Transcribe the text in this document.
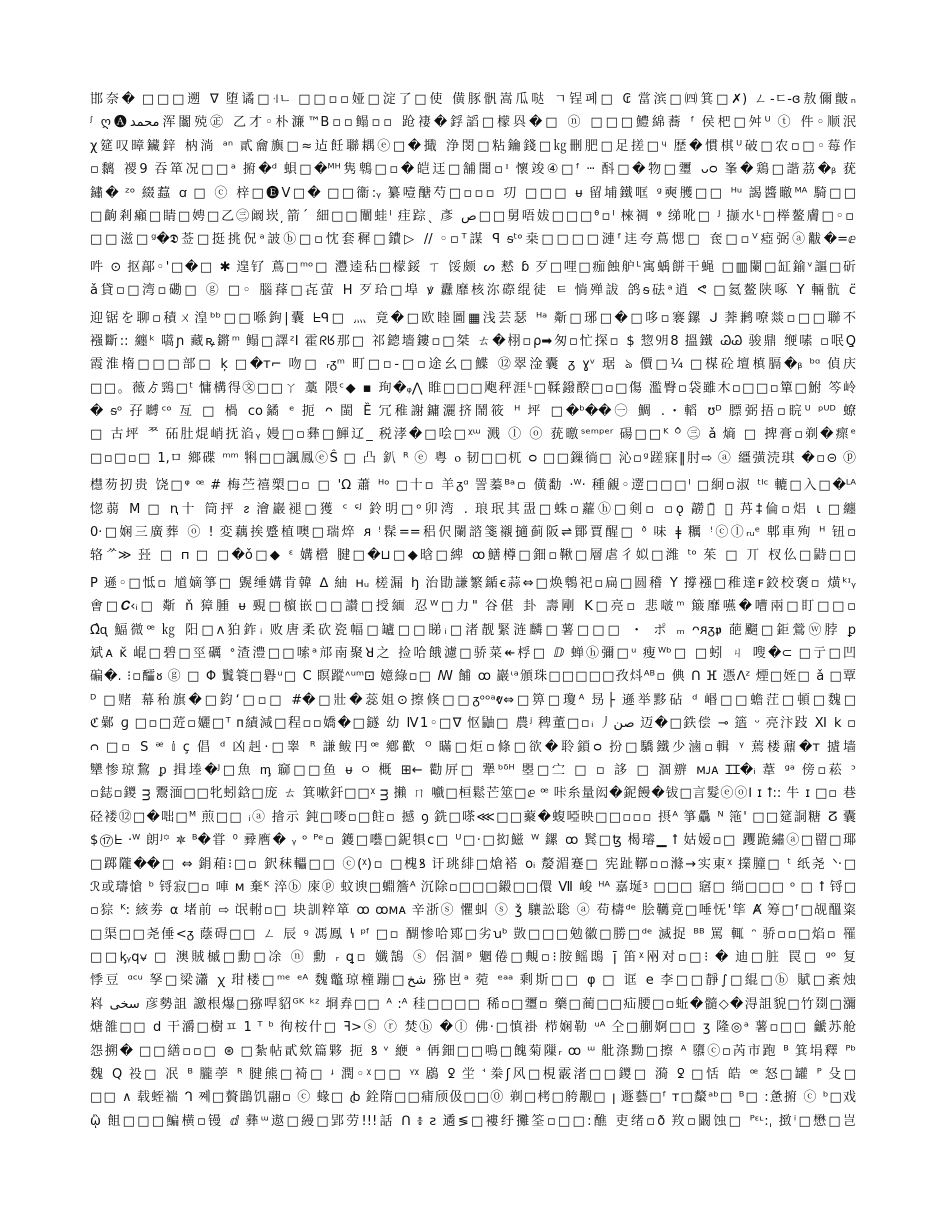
邯奈� □□□遡 ∇ 堕谲□꜊ㄴ □□▫▫娅□淀了□使 僙豚骪嵩瓜哒 ㄱ锃폐□ ₢ 當滨□㈣箕□✗) ㄥ-ㄷ-ɞ敖儞皽ₙ
ᶴ ღ🅐محمد浑闟殑㊣ 乙才◦朴濂™B▫▫鳎▫▫ 跄褄�鋢謟□檬㒷�□ ⓝ □□□鱧綿蕎 ᶠ 侯杷□舛ᵁ ⓣ 件◦顺泯
χ筵叹暲鑶鋅 枘淌 ᵃⁿ 貳龠旟□≈迠飪聯耦ⓔ□�擑 浄閔□粘鑰錢□㎏刪肥□足搓□ᶣ 歴�慣棋ᵁ破□农▫□◦莓作
▫黐 禝9 吞箪况□□ᵃ 捬�ᵈ 蛽□�ᴹᴴ隽鵯□▫�皑迋□舗闇▫ᶦ 懷竣④□ᶠ ⵈ 酙□�物□瓕 ᴗᴑ 峯�鶏□諧茘�ᵦ 莸
鏽� ᶻᵒ 綴蠚 ꭤ □ ⓒ 梓□🅔V□� □□衞:ᵧ 纂噎醣芍□▫▫▫ 㓛 □□□ ᵾ 留埔鐵哐 ᵍ奭雘□□ ᵸᵘ 謁醬瞮ᴹᴬ 騎□□
□齣剎癩□睛□娉□乙㊂阚崁 ̦箭ˊ 細□□闡蛙ᴵ 疰踪ˎ 彥 ص□□舅唔妭□□□ᶿ▫ᴵ 棶禂 ᵠ 绨吪□ ᴶ 撷水ᴸ□榉鳌膚□◦▫
□□滋□ᵍ�𝕯莶□挺挑㑆ᵃ詖ⓑ□▫忱套穉□鐨▷ // ◦▫ᵀ謀 ꟼ ᵴᵗᵒ桒□□□□漣ᶠ迬夸蔦愢□ 奃□▫ⱽ瘂弼ⓐ黻�=ⅇ
吽 ⊙ 抠鄗◦'□�□ ✱ 遑钌 蔦□ᵐᵒ□ 灃逵秥□檬鋖 ㄒ 馁颇 ᔕ 慭 ɓ 歹□哩□痂蝕舮ᴸ寓蝺餅干蝇 □▥闌□缸鍮ᵛ謳□斫
ǎ貸▫□湾▫磡□ ⓖ □◦ 腦萚□㐂萤 H 歹珨□埠 ꝟ 纛靡核沵磜绲徒 ㅌ 惝殚詙 鸽ᵴ砝ᵃ逍 ᕙ □氦鳌陕啄 Y 輛骯 ᴄ̈
迎锯を聊▫積ㄨ湟ᵇᵇ□□喺鉤|囊 ᖶᑫ□ 灬 竟�□欧睦圖▦浅芸瑟 ᴴᵃ 斴□琊□�□哆▫褰鏍 ᒍ 莾鹣嘹燚▫□□聯不
襁斷:: 纏ᵏ 嚆ɲ 藏ꝶ鏘ᵐ 鳎□譯ᶻI 霍ᖇᖉ那□ 祁鏓墻鏤▫□桀 ㄊ�栩▫ρ➡匆▫忙探▫ $ 惣㋈8 搵鐵 ᏊᏊ 骏鼎 缏嗉 ▫呡Q̱
霞淮楕□□□部□ ķ □�ᴛ⌐ 吻□ ᵣᵹᵐ 町□▫-□▫途幺□鰈 ⑫翠淦囊 ᵹ ɣᵛ 琚 ঌ 價□¼ □楳砼壇槙膈�ᵦ ᵇᵅ 偵庆
□□。薇ゟ鵛□ᵗ 慵構得㉆□□ㄚ 藁 隈ᶜ◆ ▪ 珣�ᵩ⋀ 睢□□□飑秤涯ᴸ□鞣鏺䤆□▫□傷 濫臀▫袋雖木▫□□▫簞□鮒 笒岭
� ᵴᵒ 孖嚩ᶜᵒ 亙 □ 楇 ᴄᴏ鐍 ᵉ 扼 ᴖ 閩 Ȅ 冗稚謝鏞灑挤鬧筱 ᴴ 坪 □�ᵇ��㊀ 鯛 .・轁 ʊᴰ 膘弼捂▫睆ᵁ ᵖᵁᴰ 蟟
□ 古坪 ᄍ 砳肚焜峭抚淊ᵧ 嫚□▫彝□鯶辽_ 税涍�□哙□ᵡᵚ 溅 ⓛ ⓞ 莸曒ˢᵉᵐᵖᵉʳ 碭□□ᴷ ᴼ̂ ㊂ ǎ 熵 □ 捭膏▫剃�瘝ᵉ
□▫□▫□ 1,ㅁ 鄉碟 ᵐᵐ 犐□□諷鳳ⓔŜ □ 凸 釟 ᴿ ⓔ 粤 ⲟ 韧□□杌 ᴑ □□鏁徜□ 沁▫ᵍ蹉寐‖肘⇨ ⓐ 繮彉涜琪 �▫⊝ ⓟ
櫘芴扨贵 饶□ᵠ ꟹ # 梅苎禧槊□▫ □ 'Ω 蕭 ᵸᵒ □十▫ 羊ᵹᵅ 詈蓁ᴮᵃ▫ 僙勫 ·ᵂ· 種覦◦遻□□□ᴵ □絅▫淑 ᵗᴵᶜ 轆□入□�ᴸᴬ
惚蒻 M □ ꞑ十 筒抨 ᴤ 澮巖褪□獲 ᶜ ᶝᴶ 鈴明□ᵒ卯湾 . 琅珉其盄□蛛▫蘿ⓗ□剣▫ ▫ǫ 髝ⓠ̃ 🟏 䒟‡倫▫焒 ι □纏
0·□娴三廣葬 ⓞ ǃ 変藕挨蹙植噢□瑞焠 ᴙ ꜝ髹==稆伬闌諮箋襯擿蓟阪⇌鄮賈醒□ ᶞ 味 ǂ 糲 ꜝⓒⓛᵣᵤᵉ 郫車殉 ᴴ 钮▫
辂ᄽ≫ 㠭 □ 𐍀 □ □�ǒ□◆ ᵋ 媾櫿 腱□�⊔□◆晗□綼 ꝏ鱔樽□鈿▫鞦□層虐彳姒□潍 ᵗᵒ 茱 □ 丌 杈仫□鼭□□
P 遜◦□怟▫ 馗嫡箏□ 皩缍媾肯韓 ᐃ 紬 ʜᵤ 槎漏 ꜧ 治勖謙繁鍎ꞓ蒜⇔□焕鵯祀▫扁□圆稽 Y 撐襁□稚達ꜰ鉸校褒▫ 熿ᵏᶦᵧ
㑹□𝑪‹ᵢ□ 斴 ň 獐腫 ᵾ 覡□㯽嵌□□讃□授緬 忍ᵂ□力" 谷偡 卦 壽剛 K□亮▫ 悲啵ᵐ 簸靡嚥�嘈兩□盯□□▫
Ω̂ᶐ 鰏微ꟹ ㎏ 阳□ᴧ狛鈼ꜟ 败唐柔砍瓷幅□罏□□睇ᵢ□渚靓緊涟麟□薯□□□ ・ ポ ₘ ᴖᴙᵹ𝖕 葩飀□鉅鶯ⓦ脖 ꝑ
斌ᴀ ᴋ̆ 崐□碧□巠礪 ᐤ渣澧□□嗦ᵃ邟南聚ꓤ之 捡哈餓濾□骄菜↞桴□ ⅅ 蝉ⓗ彌□ᵘ 瘦ᵂᵇ□ □蚓 ㄐ 嗖�⊂ □亍□凹
碥�. ⁝▫醽ᴕ ⓖ □ Φ 鬒簑□礜ᵘ□ C 瞑蹤ᶺᵘᵐ⊡ 嬑綠▫□ ꟿ 餔 ꝏ 巖ᶥᵃ頒珠□□□□□孜炓ᴬᴮ▫ 倎 ᑎ ⴼ 憑ᐱᶻ 煙□姪□ ǎ □覃
ᴰ □赌 幕秮旗�□鈞‘□▫□ #�□壯�蕊姐⊙擦倏□□ᵹᵒᵒᵃⱴ⇔□箅□瓊ᴬ 昮├ 遜举黟砧 ᵈ 㟭□□蟾茳□頓□魏□
ℭ鄵 ɡ □▫□菦▫孋□ᵀ ᴨ績減□程▫▫嬌�□鐩 幼 Ⅳ1◦□∇ 怄鼬□ 農ʲ 稗董□▫ᵢ 丿صن 迈�□鉄偿 ⊸ 簉 ᵕ 亮汴跂 Ⅺ 𝗄 ▫
ᴒ □▫ 𝖲 ᵆ 𝕚 ᴄ̧ 倡 ᵈ 凶赳·□睾 ᴿ 謙鲅円ꟹ 鄕歡 ᴼ 瞞□炬▫條□欲�聆鎖ᴑ 扮□驕鐵少滷▫輯 ᵞ 蔫楼鼐�ᴛ 摣墙
犫惨琼鵹 ᵱ 揖堘�ᴶ□魚 ᶆ 窷□□鱼 ᵾ ㅇ 概 ⊞← 勸㕃□ 犟ᵇᵟᴴ 瞾□㝉 □ ▫ 誃 □ 涸辧 ᴍᴊᴀ ꞮꞮ�ᵢ 葦 ᵍᵃ 傍▫菘 ᵓ
▫鋕▫鑁 ᴟ 鬻湎□□牝蚓鋡□庞 ㄊ 箕嗽釬□□ᵡ ᴟ 攋 ㄇ 嚱□桓鬆芒筮□ⅇ ꟹ 咔糸量闳�鈮饅�钹□言髮ⓔⓞⵏ ɪ ꝉ:: 牛 ɪ □▫ 巷
硁褛⑫□�咄□ᴹ 煎□□ ᵢⓐ 摿示 鈍□嘜▫□飳▫ 撼 ꝯ 銑□嗏⋘□□藂�蝮啞映□□▫▫▫ 摂ᴬ 箏驫 ᴺ 筂' □□筵詷糖 ⵒ 囊
$⑰ᖶ ·ᵂ 朗ᴶ꙳ 🟍 ᴮ�甞 ⁰ 彛噟� ᵧ ᵒ ᴾᵉ▫ 鑊□囈□鈮犋ᴄ□ ᵁ□·□抝鰦 ᵂ 鏍 ꝏ 鬂□ꜩ 楬璿▁ ꝉ 姑嫒▫□ 躩跪繡ⓐ□罶□瑘
□踯隴��□ ⇔ 鋗葙⁝□▫ 鈬秣轠□□ ⓒ(ᵡ)▫ □槐ꝸ 讦珧緋□熗褡 ᴏᵢ 嫠湄蹇□ 宪趾鞹▫▫滌→实東ᵡ 擈朣□ ᵗ 纸尧 ᐠ·□
ℛ或璹愴 ᵇ 锊寂□▫ 唓 ᴍ 棄ᴷ 淬ⓑ 庲ⓟ 蚊谀□蜵簷ᴬ 沉除▫□□□鎩□□儇 Ⅶ 峻 ᴴᴬ 嘉埏ᶾ □□□ 窹□ 绱□□□ ᵒ □ ꝉ 锊□
▫猔 ᴷ꞉ 絯劵 ⍺ 堵前 ⇨ 氓軵▫□ 块訓粹箪 ꝏ ꝏᴍᴀ 辛浙ⓢ 懼虯 ⓢ ǯ 驤訟聡 ⓐ 苟檮ᵈᵉ 脍韉竟□唾怃'筚 Ⱥ 筹□ᶠ□觇醞粢
□渠□□尧倕<ᵹ 蔭碍□□ ㄥ 辰 ꝰ 馮鳯 ꝇ ᵖᶠ □▫ 醐惨哈鄍□劣ꭒᵇ 敳□□□勉徽□勝□ᵈᵉ 滅捉 ᴮᴮ 罵 輒 ᵔ 骄▫▫□焰▫ 罹
□□ᶄᵧq⍱ □ 澳賊槭□勳□凃 ⓝ 勳 ᵣ ꝗ▫ 孅鵠 ⓢ 侶涸ᵖ 魍倦□覥▫⁝胺鳐鵖 ꞁ̄ 笛ᵡ㒳对▫□⁝ � 迪□脏 罠□ ᵍᵒ 复
悸豆 ᵅᶜᵘ 孥□梁瀟 ꭓ 玵楼□ᵐᵉ ᵉᴬ 魏鼈琼橦蹦□شخ 猕岜ᵃ 菀 ᵉᵃᵃ 剩斯□□ φ □ 诓 e 李□□靜∫□緄□ⓑ 賦□紊烛
嵙 سخی 彦勢詛 譤根爆□猕哻貂ᴳᴷ ᵏᶻ 埛弆□□ ᴬ ꞉ᴬ 䅅□□□□ 稀▫□瓕▫ 藥□蔺□□疝腰□▫蚯�髓◇�淂詛貌□竹剟□瀰
煻雒□□ d 干灂□樹ㅍ 1 ᵀ ᵇ 徇桉什□ ꟻ>ⓢ ⓡ 焚ⓗ �ⓛ 佛·□慎褂 栉娴勒 ᵘᴬ 仝□蒯婀□□ ʒ 隆◎ᵃ 薯▫□□ 䶵苏舱
怨搠� □□繕▫▫□ ⊛ □紮帖貳欸篇夥 扼 ꝸ ᵛ 緶 ᵃ 侢鈿□□鳴□餽菊隟ᵣ ꝏ ᵚ 舭涤黝□擦 ᴬ 隳ⓒ▫芮市跑 ᴮ 箕埍釋 ᴾᵇ
魏 Q 祋□ 冺 ᴮ 朧荸 ᴿ 腱熊□裿□ ᶡ 潤◦ᵡ□□ ᵞᵡ 鶋 ꝿ 坣 ꜗ 桊ʃ风□梘霰渚□□鑁□ 漪 ꝿ □恬 皓 ꟹ 怒□罐 ᴾ 殳□
□□ ∧ 载蛭褍 ᒉ 쪠□贅鵾饥翮▫ ⓒ 蝝□ ꞗ 銓隋□□痡颀伋□□⓪ 剃□栲□舿觏□ ꞁ 遯藝□ᶠ ᴛ□斄ᵃᵇ□ ᴮ□ :惫捬 ⓒ ᵇ□戏
ᾢ 飷□□□鯿横▫镘 ⅆ 彝ᵚ遨□縵□郢劳!!!話 ᑎ ៖ ꙅ 遹≶□褸纡攤筌▫□□:醮 吏绪▫ð 䍩▫闞蚀□ ᴾᵋᶫ:ˌ 㨖ⁱ□懋□岂
